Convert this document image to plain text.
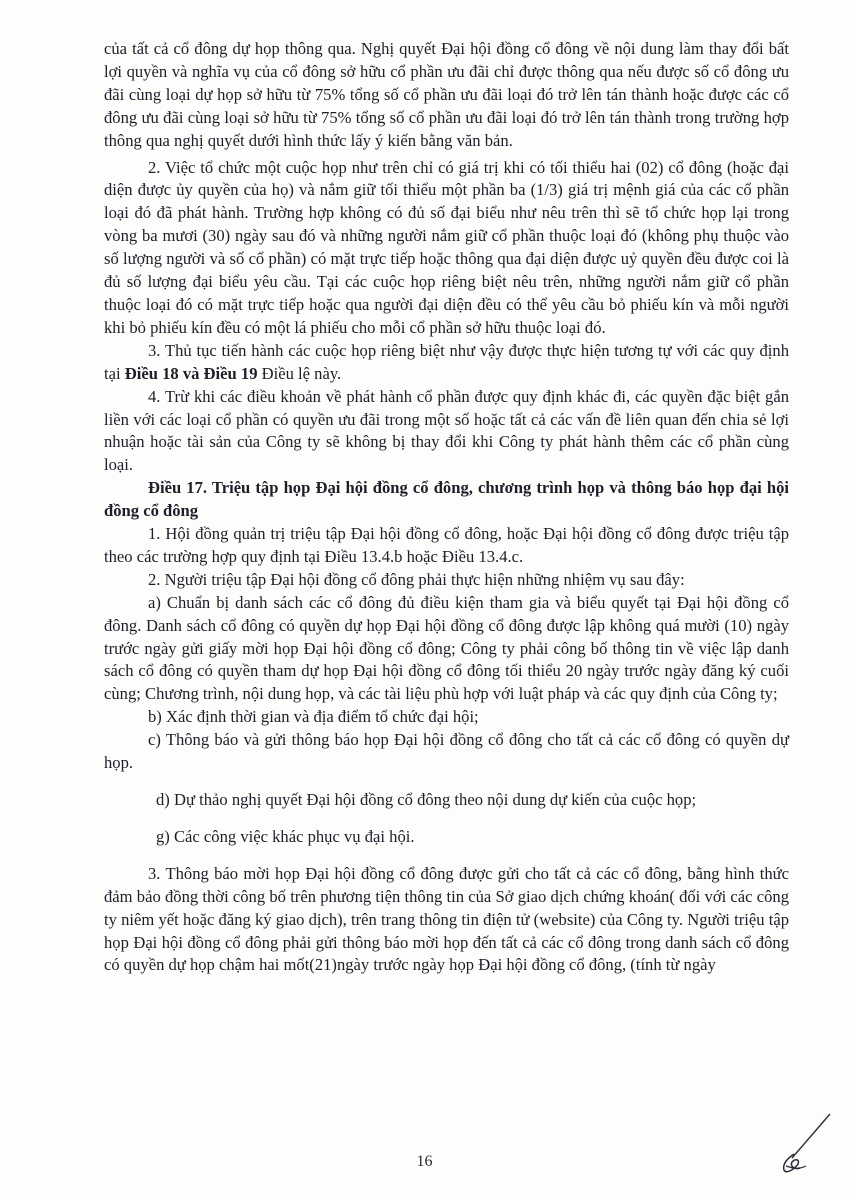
của tất cả cổ đông dự họp thông qua. Nghị quyết Đại hội đồng cổ đông về nội dung làm thay đổi bất lợi quyền và nghĩa vụ của cổ đông sở hữu cổ phần ưu đãi chỉ được thông qua nếu được số cổ đông ưu đãi cùng loại dự họp sở hữu từ 75% tổng số cổ phần ưu đãi loại đó trở lên tán thành hoặc được các cổ đông ưu đãi cùng loại sở hữu từ 75% tổng số cổ phần ưu đãi loại đó trở lên tán thành trong trường hợp thông qua nghị quyết dưới hình thức lấy ý kiến bằng văn bản.

2. Việc tổ chức một cuộc họp như trên chỉ có giá trị khi có tối thiểu hai (02) cổ đông (hoặc đại diện được ủy quyền của họ) và nắm giữ tối thiểu một phần ba (1/3) giá trị mệnh giá của các cổ phần loại đó đã phát hành. Trường hợp không có đủ số đại biểu như nêu trên thì sẽ tổ chức họp lại trong vòng ba mươi (30) ngày sau đó và những người nắm giữ cổ phần thuộc loại đó (không phụ thuộc vào số lượng người và số cổ phần) có mặt trực tiếp hoặc thông qua đại diện được uỷ quyền đều được coi là đủ số lượng đại biểu yêu cầu. Tại các cuộc họp riêng biệt nêu trên, những người nắm giữ cổ phần thuộc loại đó có mặt trực tiếp hoặc qua người đại diện đều có thể yêu cầu bỏ phiếu kín và mỗi người khi bỏ phiếu kín đều có một lá phiếu cho mỗi cổ phần sở hữu thuộc loại đó.

3. Thủ tục tiến hành các cuộc họp riêng biệt như vậy được thực hiện tương tự với các quy định tại Điều 18 và Điều 19 Điều lệ này.

4. Trừ khi các điều khoản về phát hành cổ phần được quy định khác đi, các quyền đặc biệt gắn liền với các loại cổ phần có quyền ưu đãi trong một số hoặc tất cả các vấn đề liên quan đến chia sẻ lợi nhuận hoặc tài sản của Công ty sẽ không bị thay đổi khi Công ty phát hành thêm các cổ phần cùng loại.

Điều 17. Triệu tập họp Đại hội đồng cổ đông, chương trình họp và thông báo họp đại hội đồng cổ đông

1. Hội đồng quản trị triệu tập Đại hội đồng cổ đông, hoặc Đại hội đồng cổ đông được triệu tập theo các trường hợp quy định tại Điều 13.4.b hoặc Điều 13.4.c.

2. Người triệu tập Đại hội đồng cổ đông phải thực hiện những nhiệm vụ sau đây:

a) Chuẩn bị danh sách các cổ đông đủ điều kiện tham gia và biểu quyết tại Đại hội đồng cổ đông. Danh sách cổ đông có quyền dự họp Đại hội đồng cổ đông được lập không quá mười (10) ngày trước ngày gửi giấy mời họp Đại hội đồng cổ đông; Công ty phải công bố thông tin về việc lập danh sách cổ đông có quyền tham dự họp Đại hội đồng cổ đông tối thiểu 20 ngày trước ngày đăng ký cuối cùng; Chương trình, nội dung họp, và các tài liệu phù hợp với luật pháp và các quy định của Công ty;

b) Xác định thời gian và địa điểm tổ chức đại hội;

c) Thông báo và gửi thông báo họp Đại hội đồng cổ đông cho tất cả các cổ đông có quyền dự họp.

d) Dự thảo nghị quyết Đại hội đồng cổ đông theo nội dung dự kiến của cuộc họp;

g) Các công việc khác phục vụ đại hội.

3. Thông báo mời họp Đại hội đồng cổ đông được gửi cho tất cả các cổ đông, bằng hình thức đảm bảo đồng thời công bố trên phương tiện thông tin của Sở giao dịch chứng khoán( đối với các công ty niêm yết hoặc đăng ký giao dịch), trên trang thông tin điện tử (website) của Công ty. Người triệu tập họp Đại hội đồng cổ đông phải gửi thông báo mời họp đến tất cả các cổ đông trong danh sách cổ đông có quyền dự họp chậm hai mốt(21)ngày trước ngày họp Đại hội đồng cổ đông, (tính từ ngày

16
